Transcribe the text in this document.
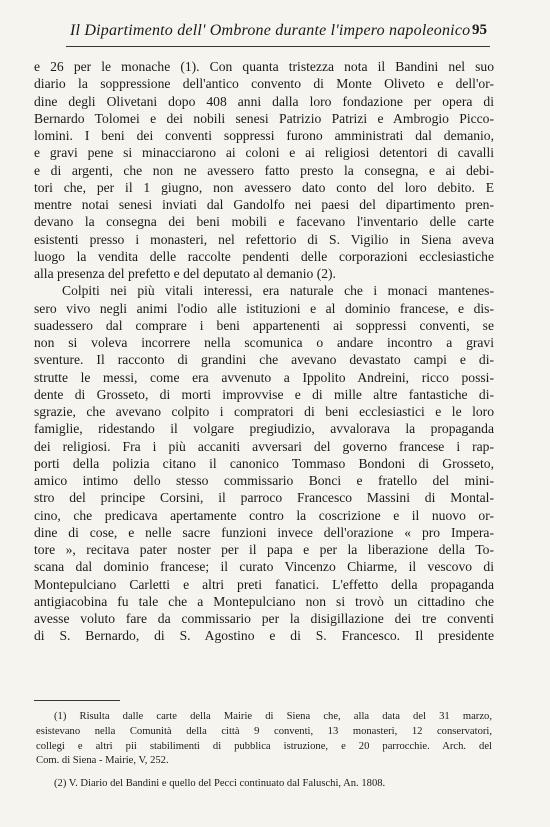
Il Dipartimento dell' Ombrone durante l'impero napoleonico 95
e 26 per le monache (1). Con quanta tristezza nota il Bandini nel suo
diario la soppressione dell'antico convento di Monte Oliveto e dell'or-
dine degli Olivetani dopo 408 anni dalla loro fondazione per opera di
Bernardo Tolomei e dei nobili senesi Patrizio Patrizi e Ambrogio Picco-
lomini. I beni dei conventi soppressi furono amministrati dal demanio,
e gravi pene si minacciarono ai coloni e ai religiosi detentori di cavalli
e di argenti, che non ne avessero fatto presto la consegna, e ai debi-
tori che, per il 1 giugno, non avessero dato conto del loro debito. E
mentre notai senesi inviati dal Gandolfo nei paesi del dipartimento pren-
devano la consegna dei beni mobili e facevano l'inventario delle carte
esistenti presso i monasteri, nel refettorio di S. Vigilio in Siena aveva
luogo la vendita delle raccolte pendenti delle corporazioni ecclesiastiche
alla presenza del prefetto e del deputato al demanio (2).
Colpiti nei più vitali interessi, era naturale che i monaci mantenes-
sero vivo negli animi l'odio alle istituzioni e al dominio francese, e dis-
suadessero dal comprare i beni appartenenti ai soppressi conventi, se
non si voleva incorrere nella scomunica o andare incontro a gravi
sventure. Il racconto di grandini che avevano devastato campi e di-
strutte le messi, come era avvenuto a Ippolito Andreini, ricco possi-
dente di Grosseto, di morti improvvise e di mille altre fantastiche di-
sgrazie, che avevano colpito i compratori di beni ecclesiastici e le loro
famiglie, ridestando il volgare pregiudizio, avvalorava la propaganda
dei religiosi. Fra i più accaniti avversari del governo francese i rap-
porti della polizia citano il canonico Tommaso Bondoni di Grosseto,
amico intimo dello stesso commissario Bonci e fratello del mini-
stro del principe Corsini, il parroco Francesco Massini di Montal-
cino, che predicava apertamente contro la coscrizione e il nuovo or-
dine di cose, e nelle sacre funzioni invece dell'orazione « pro Impera-
tore », recitava pater noster per il papa e per la liberazione della To-
scana dal dominio francese; il curato Vincenzo Chiarme, il vescovo di
Montepulciano Carletti e altri preti fanatici. L'effetto della propaganda
antigiacobina fu tale che a Montepulciano non si trovò un cittadino che
avesse voluto fare da commissario per la disigillazione dei tre conventi
di S. Bernardo, di S. Agostino e di S. Francesco. Il presidente
(1) Risulta dalle carte della Mairie di Siena che, alla data del 31 marzo,
esistevano nella Comunità della città 9 conventi, 13 monasteri, 12 conservatori,
collegi e altri pii stabilimenti di pubblica istruzione, e 20 parrocchie. Arch. del
Com. di Siena - Mairie, V, 252.
(2) V. Diario del Bandini e quello del Pecci continuato dal Faluschi, An. 1808.
